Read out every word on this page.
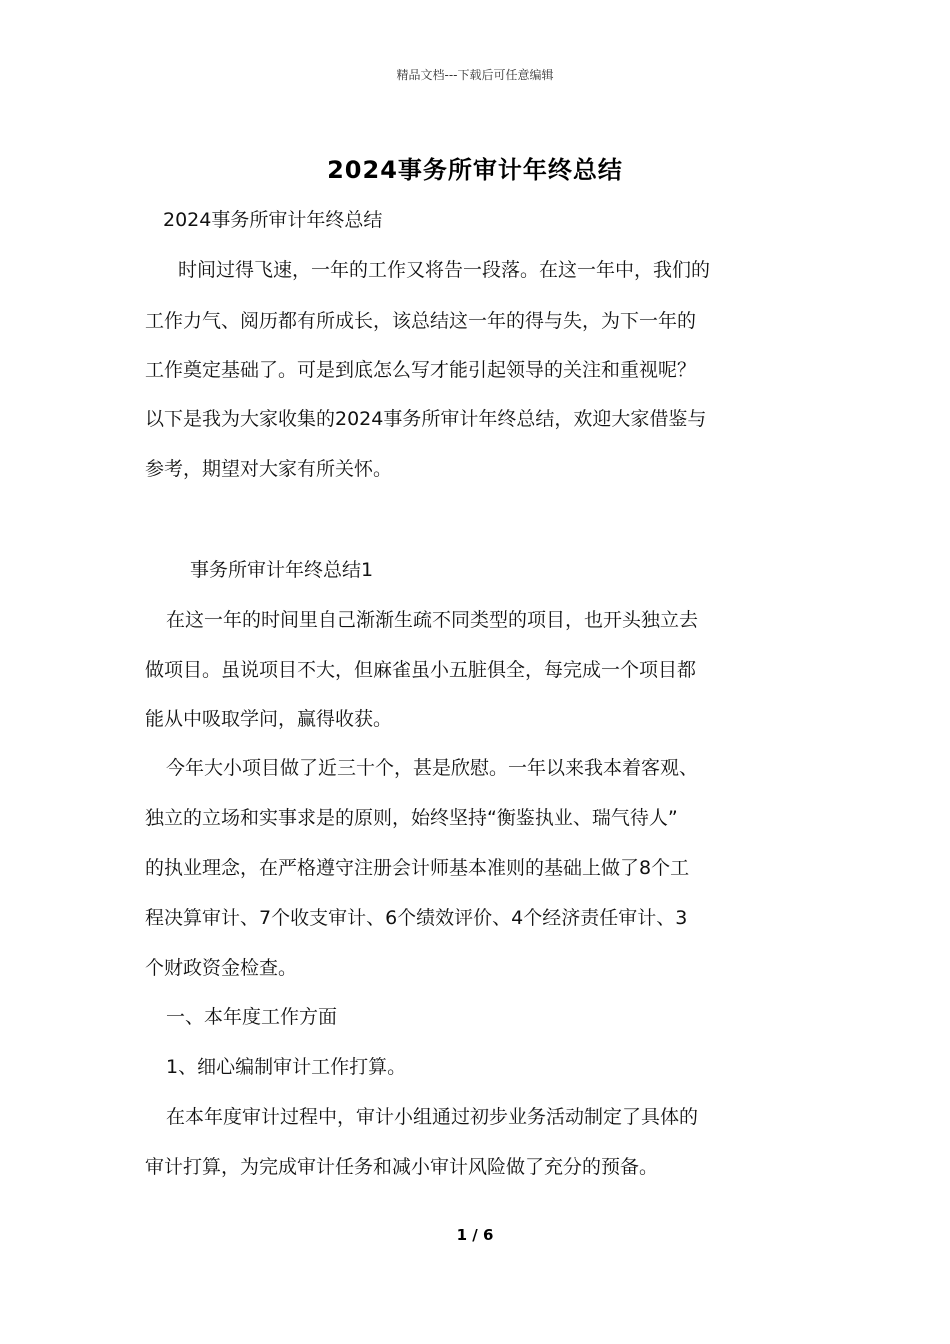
精品文档---下载后可任意编辑
2024事务所审计年终总结
2024事务所审计年终总结
时间过得飞速，一年的工作又将告一段落。在这一年中，我们的
工作力气、阅历都有所成长，该总结这一年的得与失，为下一年的
工作奠定基础了。可是到底怎么写才能引起领导的关注和重视呢？
以下是我为大家收集的2024事务所审计年终总结，欢迎大家借鉴与
参考，期望对大家有所关怀。
事务所审计年终总结1
在这一年的时间里自己渐渐生疏不同类型的项目，也开头独立去
做项目。虽说项目不大，但麻雀虽小五脏俱全，每完成一个项目都
能从中吸取学问，赢得收获。
今年大小项目做了近三十个，甚是欣慰。一年以来我本着客观、
独立的立场和实事求是的原则，始终坚持“衡鉴执业、瑞气待人”
的执业理念，在严格遵守注册会计师基本准则的基础上做了8个工
程决算审计、7个收支审计、6个绩效评价、4个经济责任审计、3
个财政资金检查。
一、本年度工作方面
1、细心编制审计工作打算。
在本年度审计过程中，审计小组通过初步业务活动制定了具体的
审计打算，为完成审计任务和减小审计风险做了充分的预备。
1 / 6
